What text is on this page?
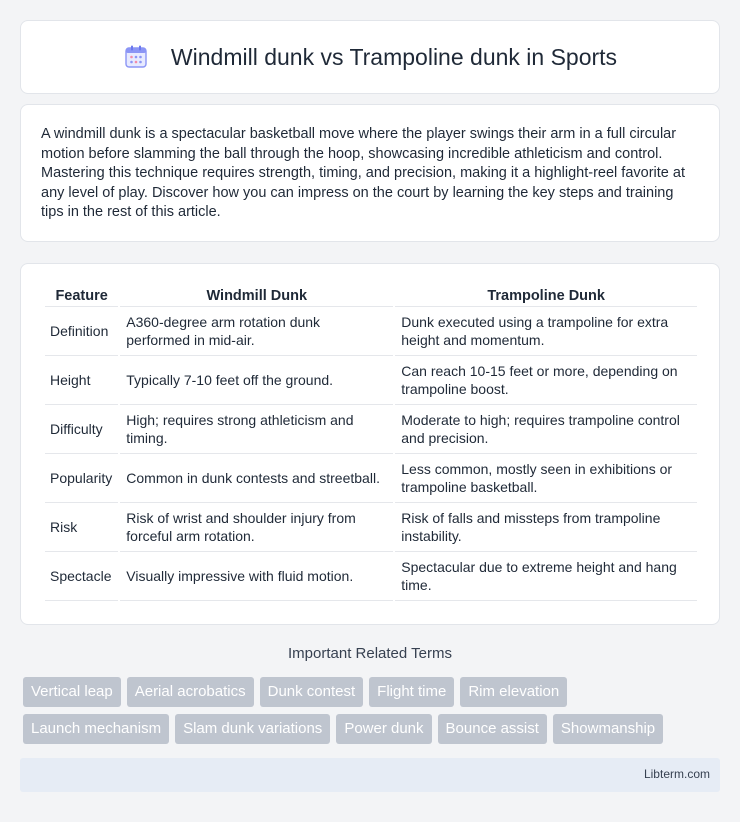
Windmill dunk vs Trampoline dunk in Sports

A windmill dunk is a spectacular basketball move where the player swings their arm in a full circular motion before slamming the ball through the hoop, showcasing incredible athleticism and control. Mastering this technique requires strength, timing, and precision, making it a highlight-reel favorite at any level of play. Discover how you can impress on the court by learning the key steps and training tips in the rest of this article.

Feature	Windmill Dunk	Trampoline Dunk
Definition	A360-degree arm rotation dunk performed in mid-air.	Dunk executed using a trampoline for extra height and momentum.
Height	Typically 7-10 feet off the ground.	Can reach 10-15 feet or more, depending on trampoline boost.
Difficulty	High; requires strong athleticism and timing.	Moderate to high; requires trampoline control and precision.
Popularity	Common in dunk contests and streetball.	Less common, mostly seen in exhibitions or trampoline basketball.
Risk	Risk of wrist and shoulder injury from forceful arm rotation.	Risk of falls and missteps from trampoline instability.
Spectacle	Visually impressive with fluid motion.	Spectacular due to extreme height and hang time.
Important Related Terms
Vertical leap	Aerial acrobatics	Dunk contest	Flight time	Rim elevation
Launch mechanism	Slam dunk variations	Power dunk	Bounce assist	Showmanship
Libterm.com
